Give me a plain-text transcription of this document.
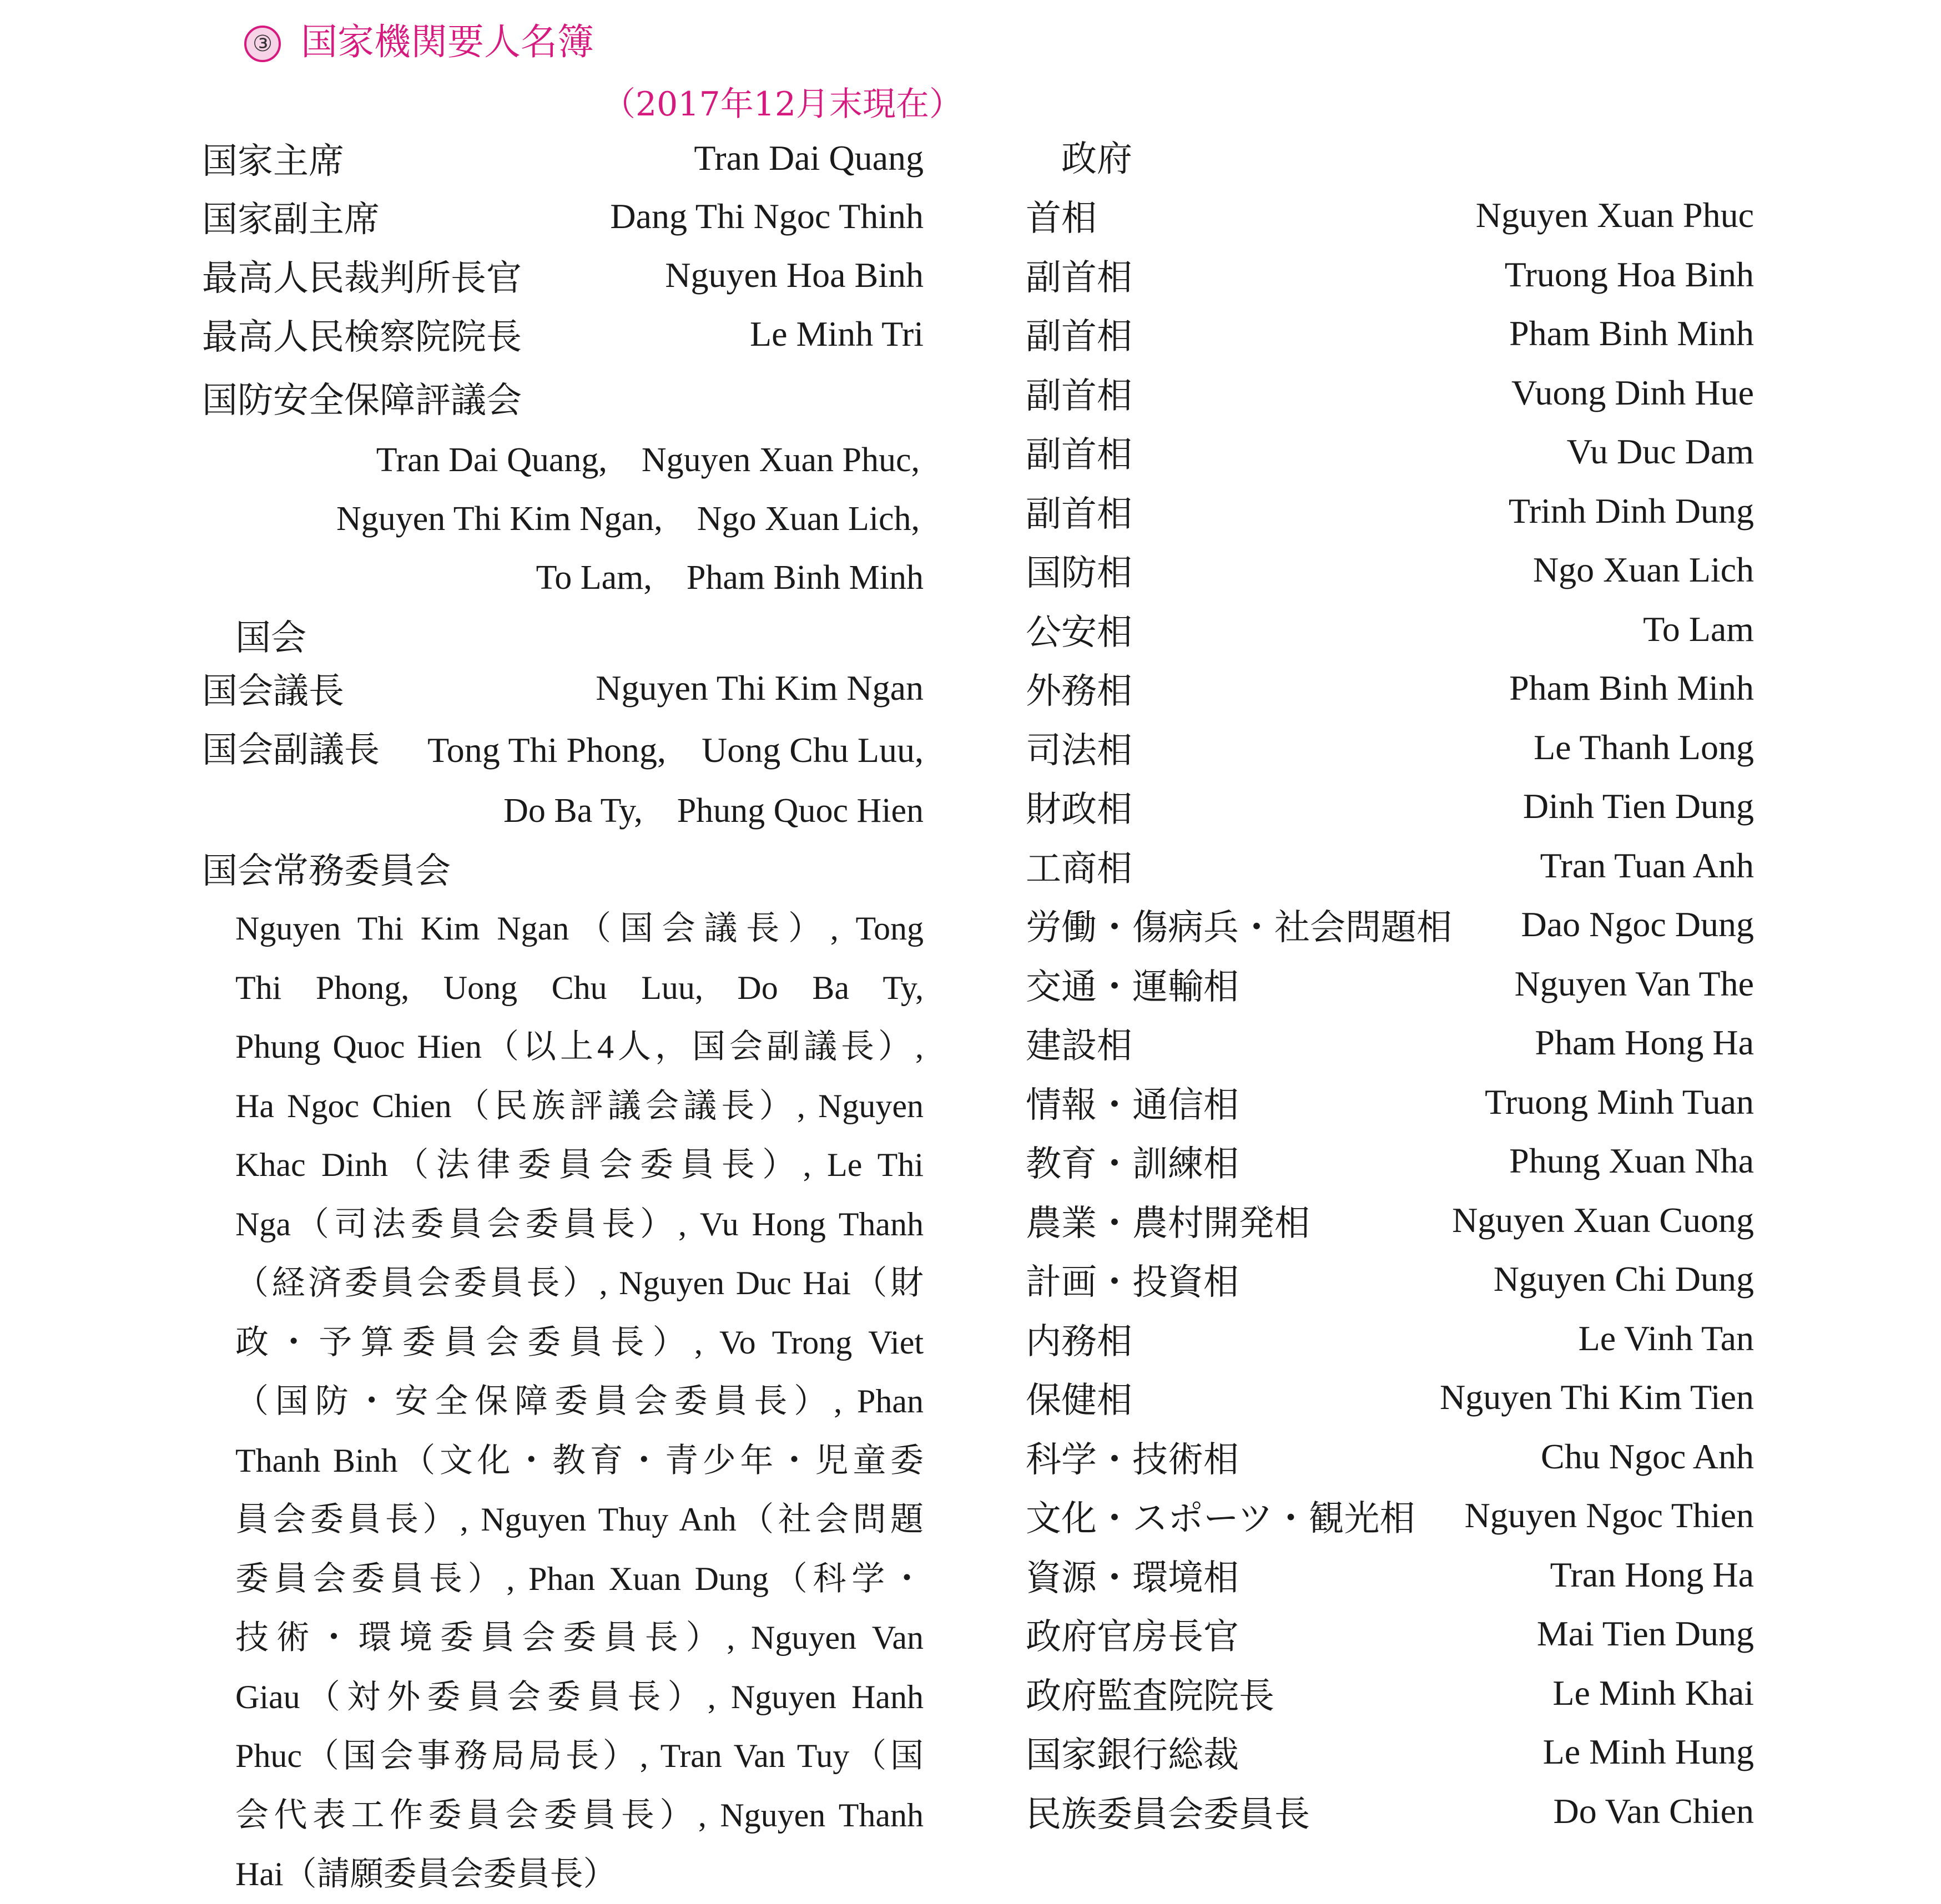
③ 国家機関要人名簿
（2017年12月末現在）
国家主席	Tran Dai Quang
国家副主席	Dang Thi Ngoc Thinh
最高人民裁判所長官	Nguyen Hoa Binh
最高人民検察院院長	Le Minh Tri
国防安全保障評議会
Tran Dai Quang,　Nguyen Xuan Phuc,
Nguyen Thi Kim Ngan,　Ngo Xuan Lich,
To Lam,　Pham Binh Minh
国会
国会議長	Nguyen Thi Kim Ngan
国会副議長 Tong Thi Phong,　Uong Chu Luu,
Do Ba Ty,　Phung Quoc Hien
国会常務委員会
Nguyen Thi Kim Ngan（国会議長）, Tong
Thi Phong, Uong Chu Luu, Do Ba Ty,
Phung Quoc Hien（以上4人，国会副議長）,
Ha Ngoc Chien（民族評議会議長）, Nguyen
Khac Dinh（法律委員会委員長）, Le Thi
Nga（司法委員会委員長）, Vu Hong Thanh
（経済委員会委員長）, Nguyen Duc Hai（財
政・予算委員会委員長）, Vo Trong Viet
（国防・安全保障委員会委員長）, Phan
Thanh Binh（文化・教育・青少年・児童委
員会委員長）, Nguyen Thuy Anh（社会問題
委員会委員長）, Phan Xuan Dung（科学・
技術・環境委員会委員長）, Nguyen Van
Giau（対外委員会委員長）, Nguyen Hanh
Phuc（国会事務局局長）, Tran Van Tuy（国
会代表工作委員会委員長）, Nguyen Thanh
Hai（請願委員会委員長）
政府
首相	Nguyen Xuan Phuc
副首相	Truong Hoa Binh
副首相	Pham Binh Minh
副首相	Vuong Dinh Hue
副首相	Vu Duc Dam
副首相	Trinh Dinh Dung
国防相	Ngo Xuan Lich
公安相	To Lam
外務相	Pham Binh Minh
司法相	Le Thanh Long
財政相	Dinh Tien Dung
工商相	Tran Tuan Anh
労働・傷病兵・社会問題相 Dao Ngoc Dung
交通・運輸相	Nguyen Van The
建設相	Pham Hong Ha
情報・通信相	Truong Minh Tuan
教育・訓練相	Phung Xuan Nha
農業・農村開発相	Nguyen Xuan Cuong
計画・投資相	Nguyen Chi Dung
内務相	Le Vinh Tan
保健相	Nguyen Thi Kim Tien
科学・技術相	Chu Ngoc Anh
文化・スポーツ・観光相 Nguyen Ngoc Thien
資源・環境相	Tran Hong Ha
政府官房長官	Mai Tien Dung
政府監査院院長	Le Minh Khai
国家銀行総裁	Le Minh Hung
民族委員会委員長	Do Van Chien
